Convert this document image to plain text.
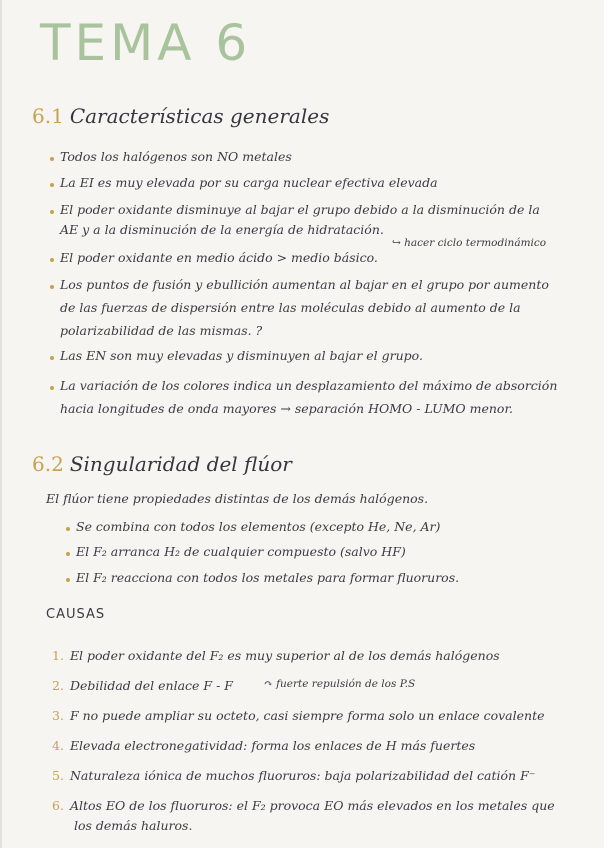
TEMA 6
6.1 Características generales
Todos los halógenos son NO metales
La EI es muy elevada por su carga nuclear efectiva elevada
El poder oxidante disminuye al bajar el grupo debido a la disminución de la
AE y a la disminución de la energía de hidratación.
↪ hacer ciclo termodinámico
El poder oxidante en medio ácido > medio básico.
Los puntos de fusión y ebullición aumentan al bajar en el grupo por aumento
de las fuerzas de dispersión entre las moléculas debido al aumento de la
polarizabilidad de las mismas. ?
Las EN son muy elevadas y disminuyen al bajar el grupo.
La variación de los colores indica un desplazamiento del máximo de absorción
hacia longitudes de onda mayores → separación HOMO - LUMO menor.
6.2 Singularidad del flúor
El flúor tiene propiedades distintas de los demás halógenos.
Se combina con todos los elementos (excepto He, Ne, Ar)
El F₂ arranca H₂ de cualquier compuesto (salvo HF)
El F₂ reacciona con todos los metales para formar fluoruros.
CAUSAS
1. El poder oxidante del F₂ es muy superior al de los demás halógenos
2. Debilidad del enlace F - F	↷ fuerte repulsión de los P.S
3. F no puede ampliar su octeto, casi siempre forma solo un enlace covalente
4. Elevada electronegatividad: forma los enlaces de H más fuertes
5. Naturaleza iónica de muchos fluoruros: baja polarizabilidad del catión F⁻
6. Altos EO de los fluoruros: el F₂ provoca EO más elevados en los metales que
los demás haluros.
